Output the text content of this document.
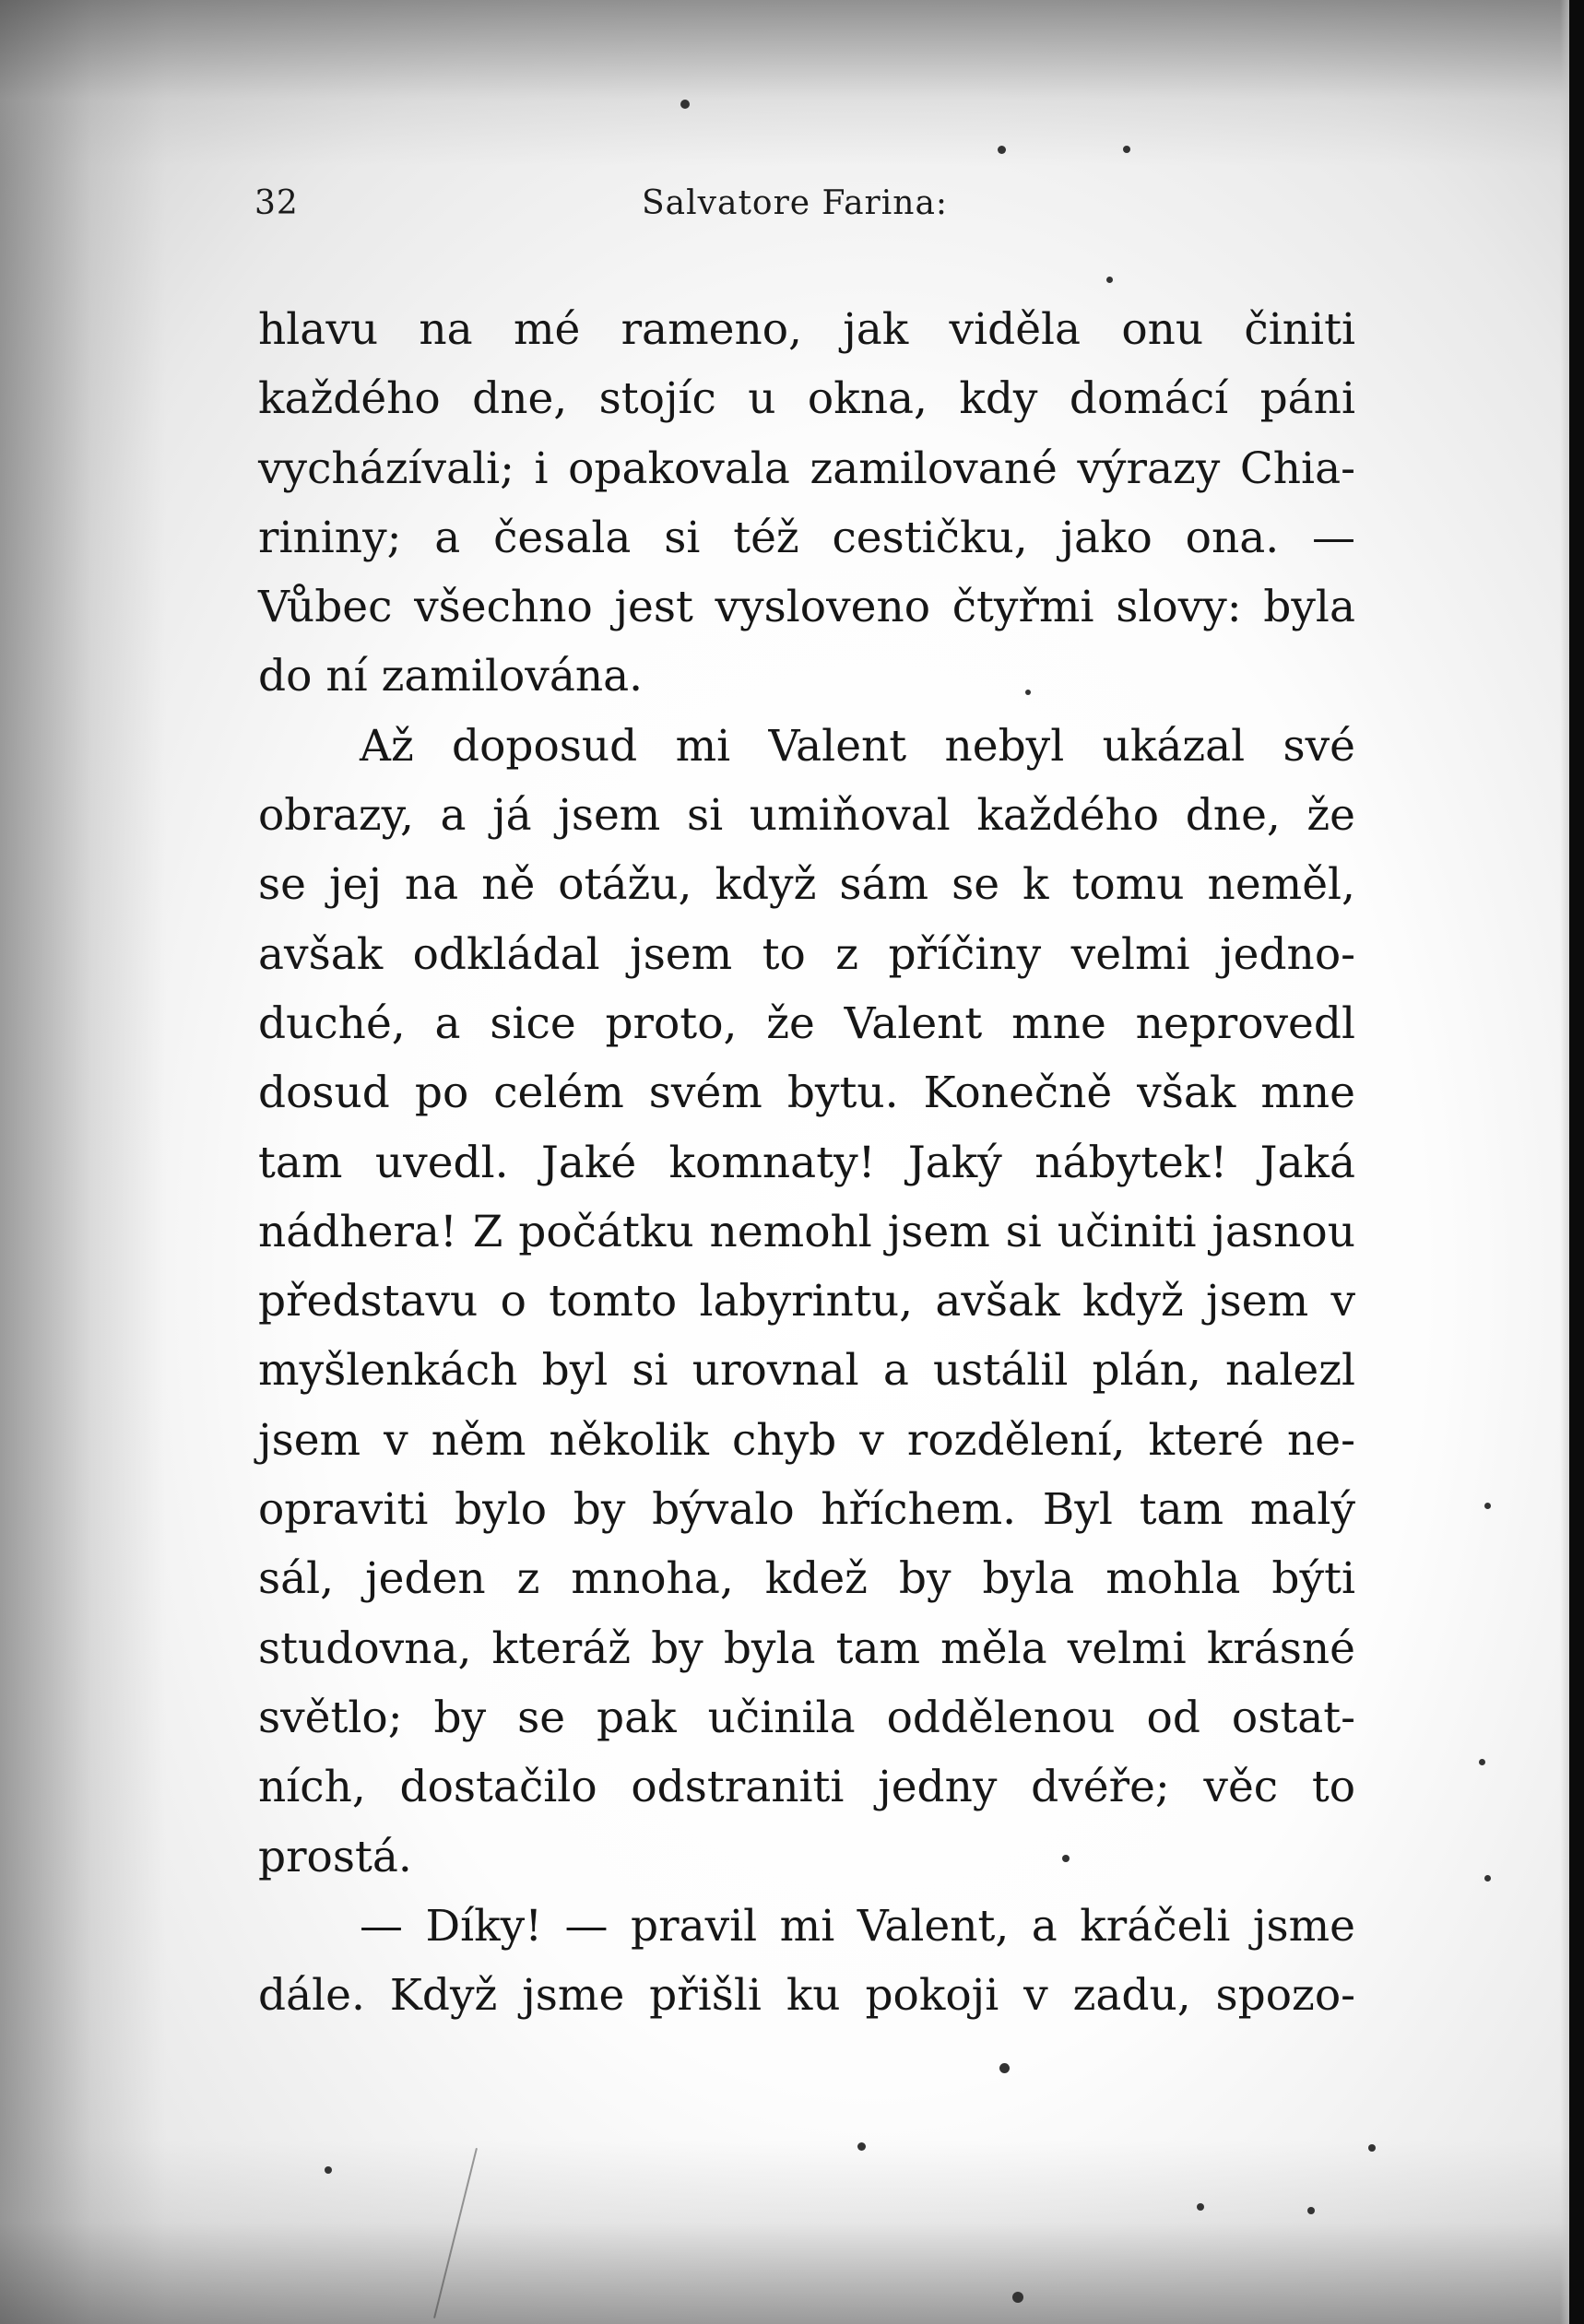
32	Salvatore Farina:
hlavu na mé rameno, jak viděla onu činiti
každého dne, stojíc u okna, kdy domácí páni
vycházívali; i opakovala zamilované výrazy Chia-
rininy; a česala si též cestičku, jako ona. —
Vůbec všechno jest vysloveno čtyřmi slovy: byla
do ní zamilována.
Až doposud mi Valent nebyl ukázal své
obrazy, a já jsem si umiňoval každého dne, že
se jej na ně otážu, když sám se k tomu neměl,
avšak odkládal jsem to z příčiny velmi jedno-
duché, a sice proto, že Valent mne neprovedl
dosud po celém svém bytu. Konečně však mne
tam uvedl. Jaké komnaty! Jaký nábytek! Jaká
nádhera! Z počátku nemohl jsem si učiniti jasnou
představu o tomto labyrintu, avšak když jsem v
myšlenkách byl si urovnal a ustálil plán, nalezl
jsem v něm několik chyb v rozdělení, které ne-
opraviti bylo by bývalo hříchem. Byl tam malý
sál, jeden z mnoha, kdež by byla mohla býti
studovna, kteráž by byla tam měla velmi krásné
světlo; by se pak učinila oddělenou od ostat-
ních, dostačilo odstraniti jedny dvéře; věc to
prostá.
— Díky! — pravil mi Valent, a kráčeli jsme
dále. Když jsme přišli ku pokoji v zadu, spozo-
